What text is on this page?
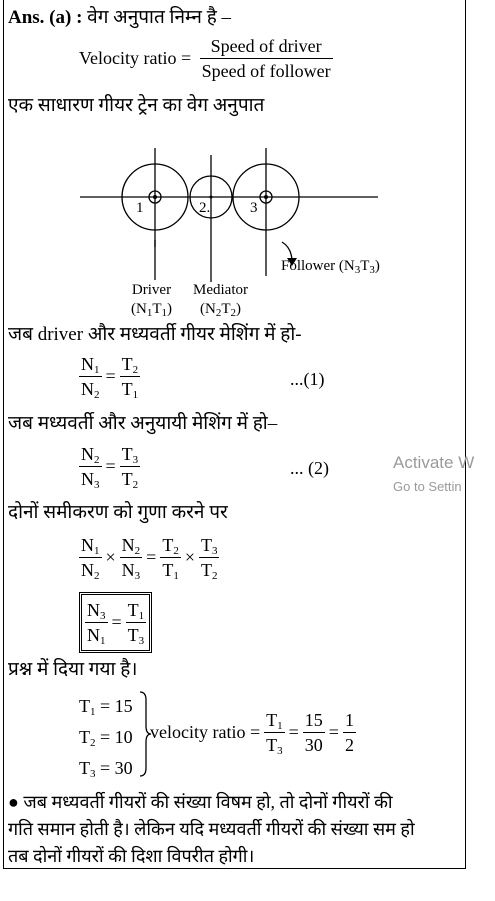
Ans. (a) : वेग अनुपात निम्न है –
Velocity ratio = $\frac{\text{Speed of driver}}{\text{Speed of follower}}$
एक साधारण गीयर ट्रेन का वेग अनुपात
1	2.	3
Follower $(N_3T_3)$
Driver
$(N_1T_1)$
Mediator
$(N_2T_2)$
जब driver और मध्यवर्ती गीयर मेशिंग में हो-
$\frac{N_1}{N_2} = \frac{T_2}{T_1}$	...(1)
जब मध्यवर्ती और अनुयायी मेशिंग में हो–
$\frac{N_2}{N_3} = \frac{T_3}{T_2}$	... (2)	Activate W
Go to Settin
दोनों समीकरण को गुणा करने पर
$\frac{N_1}{N_2} \times \frac{N_2}{N_3} = \frac{T_2}{T_1} \times \frac{T_3}{T_2}$
$\frac{N_3}{N_1} = \frac{T_1}{T_3}$
प्रश्न में दिया गया है।
$T_1 = 15$
$T_2 = 10$
$T_3 = 30$
velocity ratio = $\frac{T_1}{T_3} = \frac{15}{30} = \frac{1}{2}$
● जब मध्यवर्ती गीयरों की संख्या विषम हो, तो दोनों गीयरों की
गति समान होती है। लेकिन यदि मध्यवर्ती गीयरों की संख्या सम हो
तब दोनों गीयरों की दिशा विपरीत होगी।
